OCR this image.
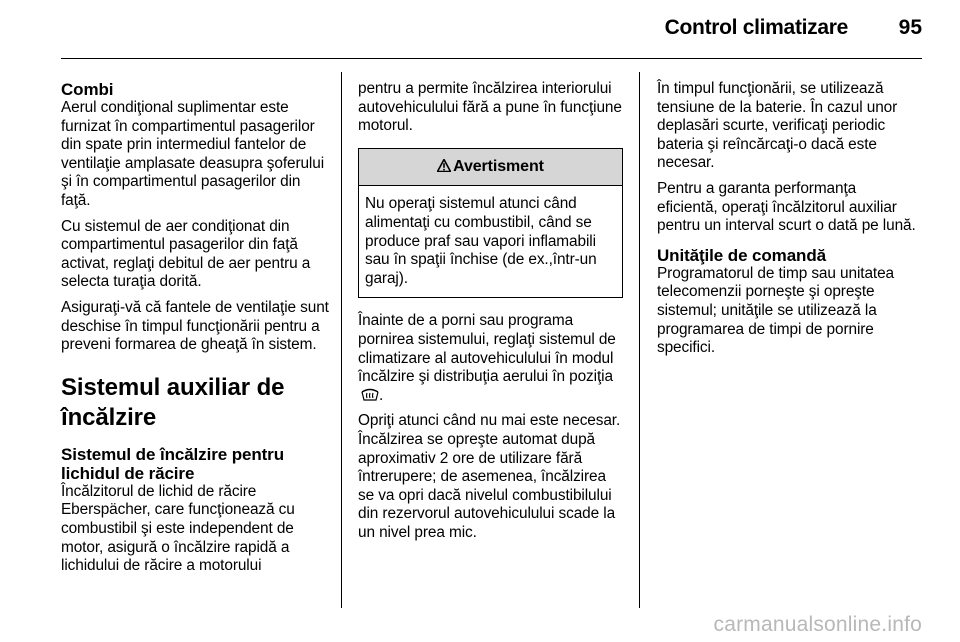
Control climatizare 95
Combi

Aerul condiţional suplimentar este furnizat în compartimentul pasagerilor din spate prin intermediul fantelor de ventilaţie amplasate deasupra şoferului şi în compartimentul pasagerilor din faţă.

Cu sistemul de aer condiţionat din compartimentul pasagerilor din faţă activat, reglaţi debitul de aer pentru a selecta turaţia dorită.

Asiguraţi-vă că fantele de ventilaţie sunt deschise în timpul funcţionării pentru a preveni formarea de gheaţă în sistem.

Sistemul auxiliar de încălzire
Sistemul de încălzire pentru lichidul de răcire

Încălzitorul de lichid de răcire Eberspächer, care funcţionează cu combustibil şi este independent de motor, asigură o încălzire rapidă a lichidului de răcire a motorului

pentru a permite încălzirea interiorului autovehiculului fără a pune în funcţiune motorul.

Avertisment
Nu operaţi sistemul atunci când alimentaţi cu combustibil, când se produce praf sau vapori inflamabili sau în spaţii închise (de ex.,într-un garaj).

Înainte de a porni sau programa pornirea sistemului, reglaţi sistemul de climatizare al autovehiculului în modul încălzire şi distribuţia aerului în poziţia.

Opriţi atunci când nu mai este necesar. Încălzirea se opreşte automat după aproximativ 2 ore de utilizare fără întrerupere; de asemenea, încălzirea se va opri dacă nivelul combustibilului din rezervorul autovehiculului scade la un nivel prea mic.

În timpul funcţionării, se utilizează tensiune de la baterie. În cazul unor deplasări scurte, verificaţi periodic bateria şi reîncărcaţi-o dacă este necesar.

Pentru a garanta performanţa eficientă, operaţi încălzitorul auxiliar pentru un interval scurt o dată pe lună.

Unităţile de comandă

Programatorul de timp sau unitatea telecomenzii porneşte şi opreşte sistemul; unităţile se utilizează la programarea de timpi de pornire specifici.

carmanualsonline.info
